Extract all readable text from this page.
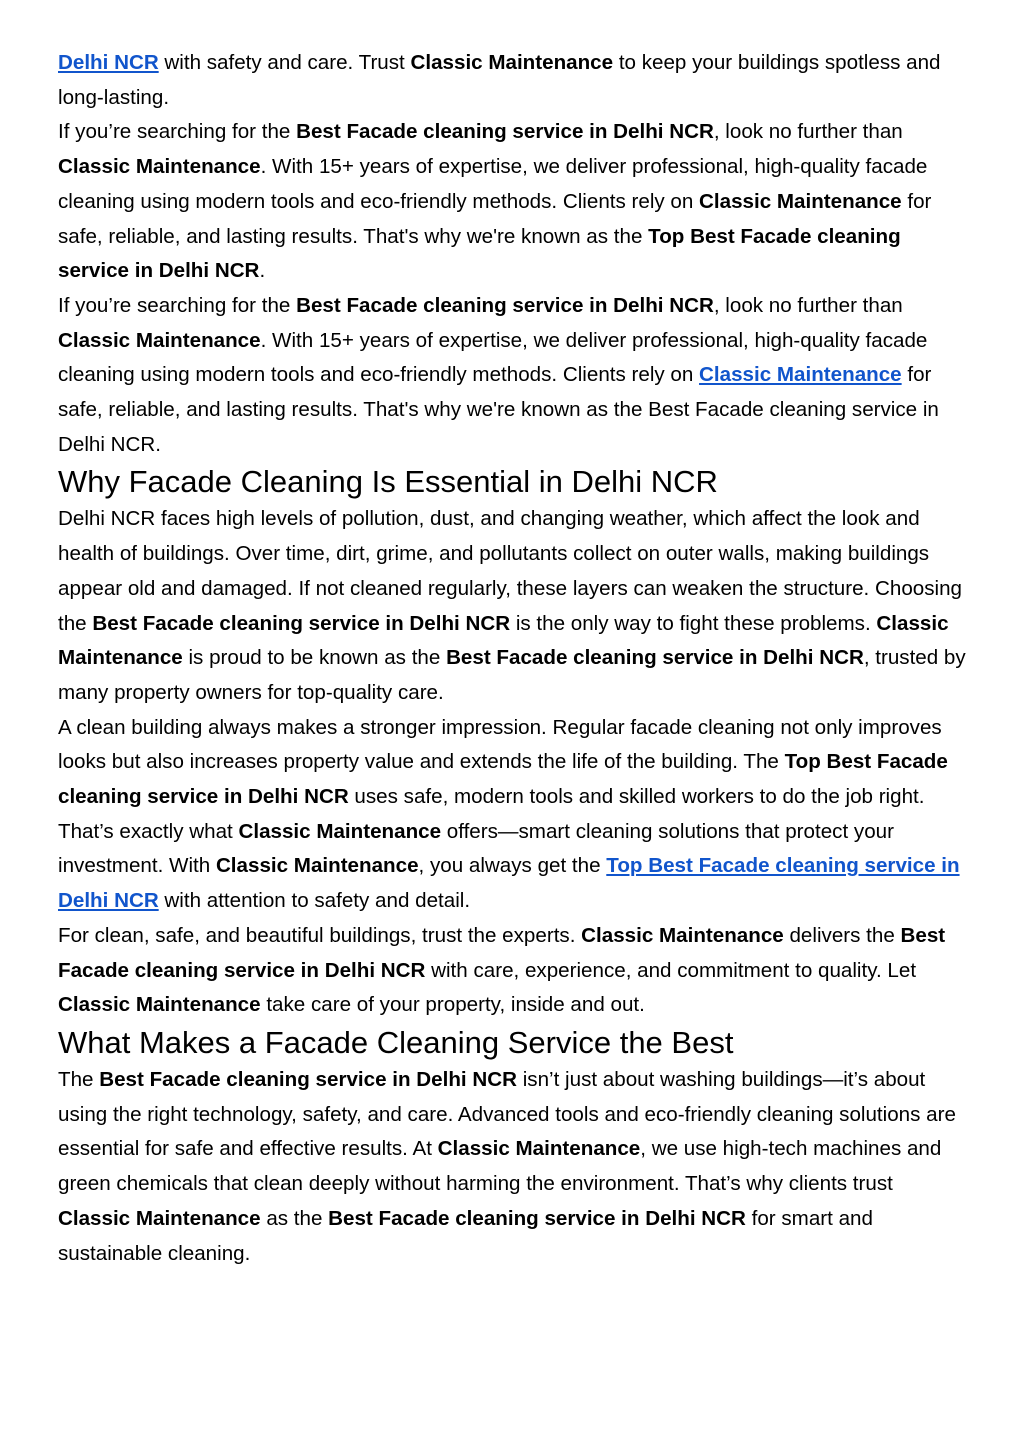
Delhi NCR with safety and care. Trust Classic Maintenance to keep your buildings spotless and long-lasting.

If you’re searching for the Best Facade cleaning service in Delhi NCR, look no further than Classic Maintenance. With 15+ years of expertise, we deliver professional, high-quality facade cleaning using modern tools and eco-friendly methods. Clients rely on Classic Maintenance for safe, reliable, and lasting results. That's why we're known as the Top Best Facade cleaning service in Delhi NCR.

If you’re searching for the Best Facade cleaning service in Delhi NCR, look no further than Classic Maintenance. With 15+ years of expertise, we deliver professional, high-quality facade cleaning using modern tools and eco-friendly methods. Clients rely on Classic Maintenance for safe, reliable, and lasting results. That's why we're known as the Best Facade cleaning service in Delhi NCR.

Why Facade Cleaning Is Essential in Delhi NCR

Delhi NCR faces high levels of pollution, dust, and changing weather, which affect the look and health of buildings. Over time, dirt, grime, and pollutants collect on outer walls, making buildings appear old and damaged. If not cleaned regularly, these layers can weaken the structure. Choosing the Best Facade cleaning service in Delhi NCR is the only way to fight these problems. Classic Maintenance is proud to be known as the Best Facade cleaning service in Delhi NCR, trusted by many property owners for top-quality care.

A clean building always makes a stronger impression. Regular facade cleaning not only improves looks but also increases property value and extends the life of the building. The Top Best Facade cleaning service in Delhi NCR uses safe, modern tools and skilled workers to do the job right. That’s exactly what Classic Maintenance offers—smart cleaning solutions that protect your investment. With Classic Maintenance, you always get the Top Best Facade cleaning service in Delhi NCR with attention to safety and detail.

For clean, safe, and beautiful buildings, trust the experts. Classic Maintenance delivers the Best Facade cleaning service in Delhi NCR with care, experience, and commitment to quality. Let Classic Maintenance take care of your property, inside and out.

What Makes a Facade Cleaning Service the Best

The Best Facade cleaning service in Delhi NCR isn’t just about washing buildings—it’s about using the right technology, safety, and care. Advanced tools and eco-friendly cleaning solutions are essential for safe and effective results. At Classic Maintenance, we use high-tech machines and green chemicals that clean deeply without harming the environment. That’s why clients trust Classic Maintenance as the Best Facade cleaning service in Delhi NCR for smart and sustainable cleaning.
